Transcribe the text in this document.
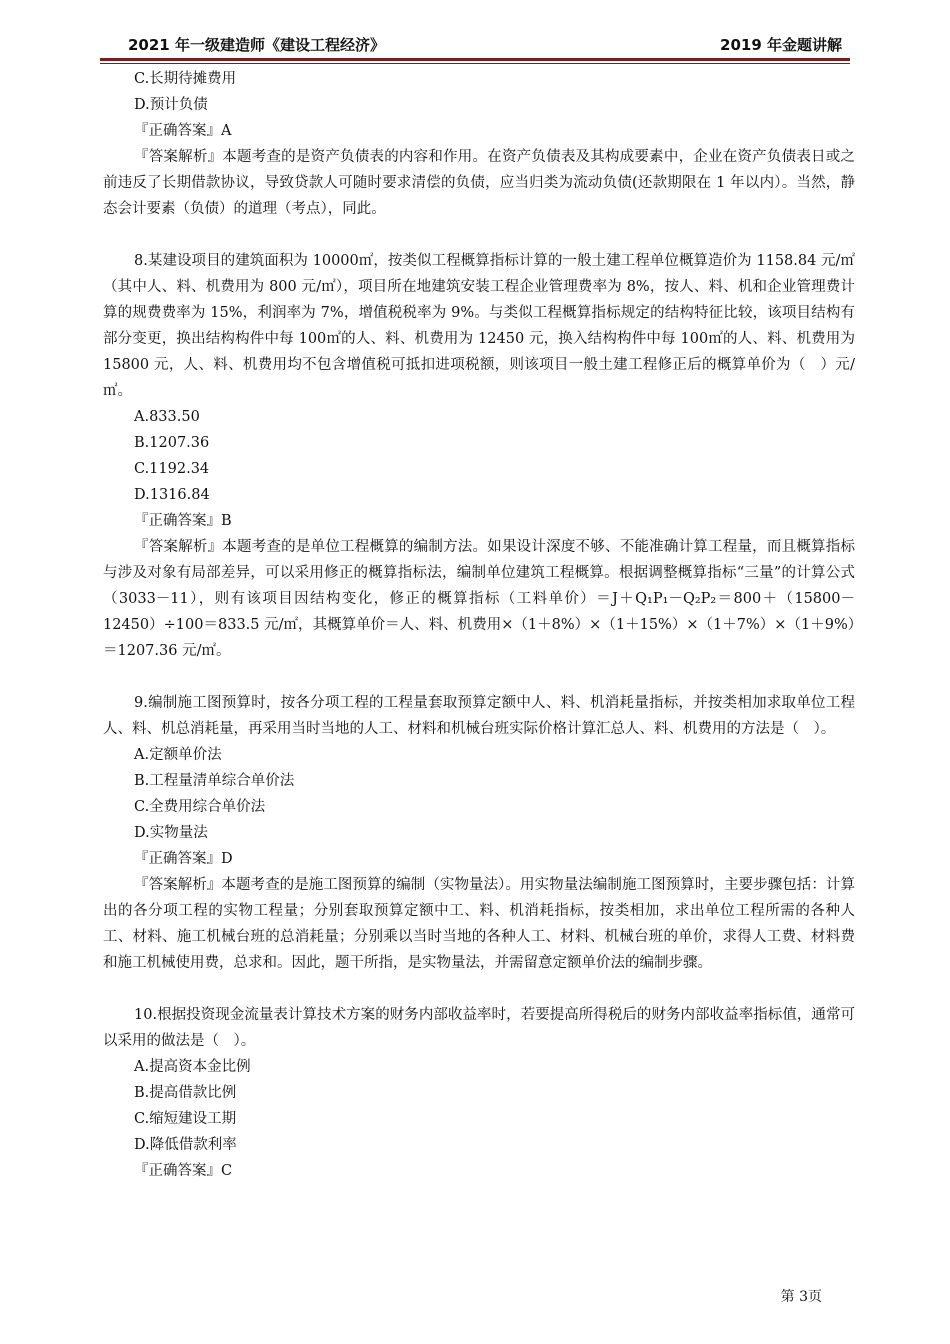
2021 年一级建造师《建设工程经济》	2019 年金题讲解

C.长期待摊费用

D.预计负债

『正确答案』A

『答案解析』本题考查的是资产负债表的内容和作用。在资产负债表及其构成要素中，企业在资产负债表日或之前违反了长期借款协议，导致贷款人可随时要求清偿的负债，应当归类为流动负债(还款期限在 1 年以内）。当然，静态会计要素（负债）的道理（考点），同此。

8.某建设项目的建筑面积为 10000㎡，按类似工程概算指标计算的一般土建工程单位概算造价为 1158.84 元/㎡（其中人、料、机费用为 800 元/㎡），项目所在地建筑安装工程企业管理费率为 8%，按人、料、机和企业管理费计算的规费费率为 15%，利润率为 7%，增值税税率为 9%。与类似工程概算指标规定的结构特征比较，该项目结构有部分变更，换出结构构件中每 100㎡的人、料、机费用为 12450 元，换入结构构件中每 100㎡的人、料、机费用为 15800 元，人、料、机费用均不包含增值税可抵扣进项税额，则该项目一般土建工程修正后的概算单价为（　）元/㎡。

A.833.50

B.1207.36

C.1192.34

D.1316.84

『正确答案』B

『答案解析』本题考查的是单位工程概算的编制方法。如果设计深度不够、不能准确计算工程量，而且概算指标与涉及对象有局部差异，可以采用修正的概算指标法，编制单位建筑工程概算。根据调整概算指标“三量”的计算公式（3033－11），则有该项目因结构变化，修正的概算指标（工料单价）＝J＋Q₁P₁－Q₂P₂＝800＋（15800－12450）÷100＝833.5 元/㎡，其概算单价＝人、料、机费用×（1＋8%）×（1＋15%）×（1＋7%）×（1＋9%）＝1207.36 元/㎡。

9.编制施工图预算时，按各分项工程的工程量套取预算定额中人、料、机消耗量指标，并按类相加求取单位工程人、料、机总消耗量，再采用当时当地的人工、材料和机械台班实际价格计算汇总人、料、机费用的方法是（　）。

A.定额单价法

B.工程量清单综合单价法

C.全费用综合单价法

D.实物量法

『正确答案』D

『答案解析』本题考查的是施工图预算的编制（实物量法）。用实物量法编制施工图预算时，主要步骤包括：计算出的各分项工程的实物工程量；分别套取预算定额中工、料、机消耗指标，按类相加，求出单位工程所需的各种人工、材料、施工机械台班的总消耗量；分别乘以当时当地的各种人工、材料、机械台班的单价，求得人工费、材料费和施工机械使用费，总求和。因此，题干所指，是实物量法，并需留意定额单价法的编制步骤。

10.根据投资现金流量表计算技术方案的财务内部收益率时，若要提高所得税后的财务内部收益率指标值，通常可以采用的做法是（　）。

A.提高资本金比例

B.提高借款比例

C.缩短建设工期

D.降低借款利率

『正确答案』C

第 3页
